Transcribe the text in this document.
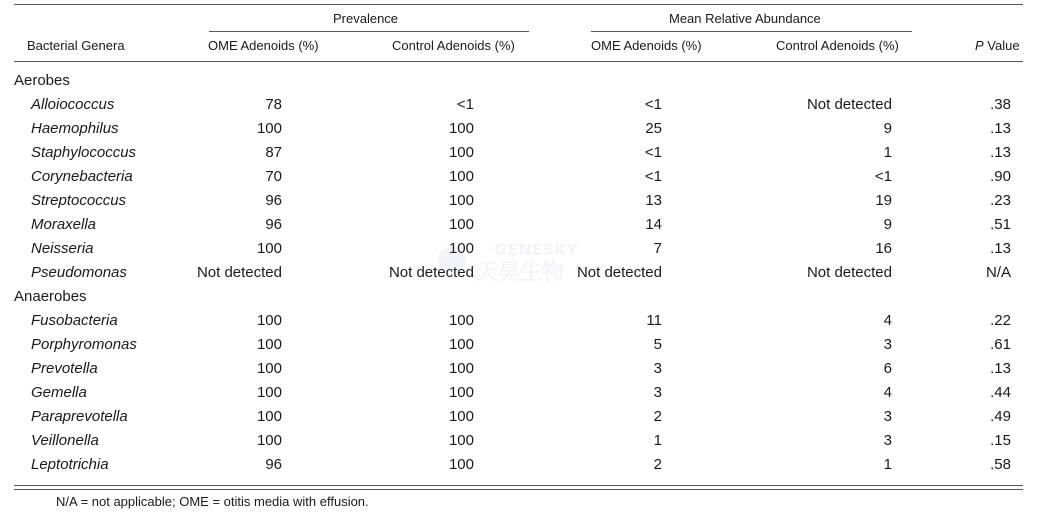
Prevalence	Mean Relative Abundance
Bacterial Genera	OME Adenoids (%)	Control Adenoids (%)	OME Adenoids (%)	Control Adenoids (%)	P Value
Aerobes
Alloiococcus	78	<1	<1	Not detected	.38
Haemophilus	100	100	25	9	.13
Staphylococcus	87	100	<1	1	.13
Corynebacteria	70	100	<1	<1	.90
Streptococcus	96	100	13	19	.23
Moraxella	96	100	14	9	.51
Neisseria	100	100	7	16	.13
Pseudomonas	Not detected	Not detected	Not detected	Not detected	N/A
Anaerobes
Fusobacteria	100	100	11	4	.22
Porphyromonas	100	100	5	3	.61
Prevotella	100	100	3	6	.13
Gemella	100	100	3	4	.44
Paraprevotella	100	100	2	3	.49
Veillonella	100	100	1	3	.15
Leptotrichia	96	100	2	1	.58
N/A = not applicable; OME = otitis media with effusion.
GENESKY
天昊生物
